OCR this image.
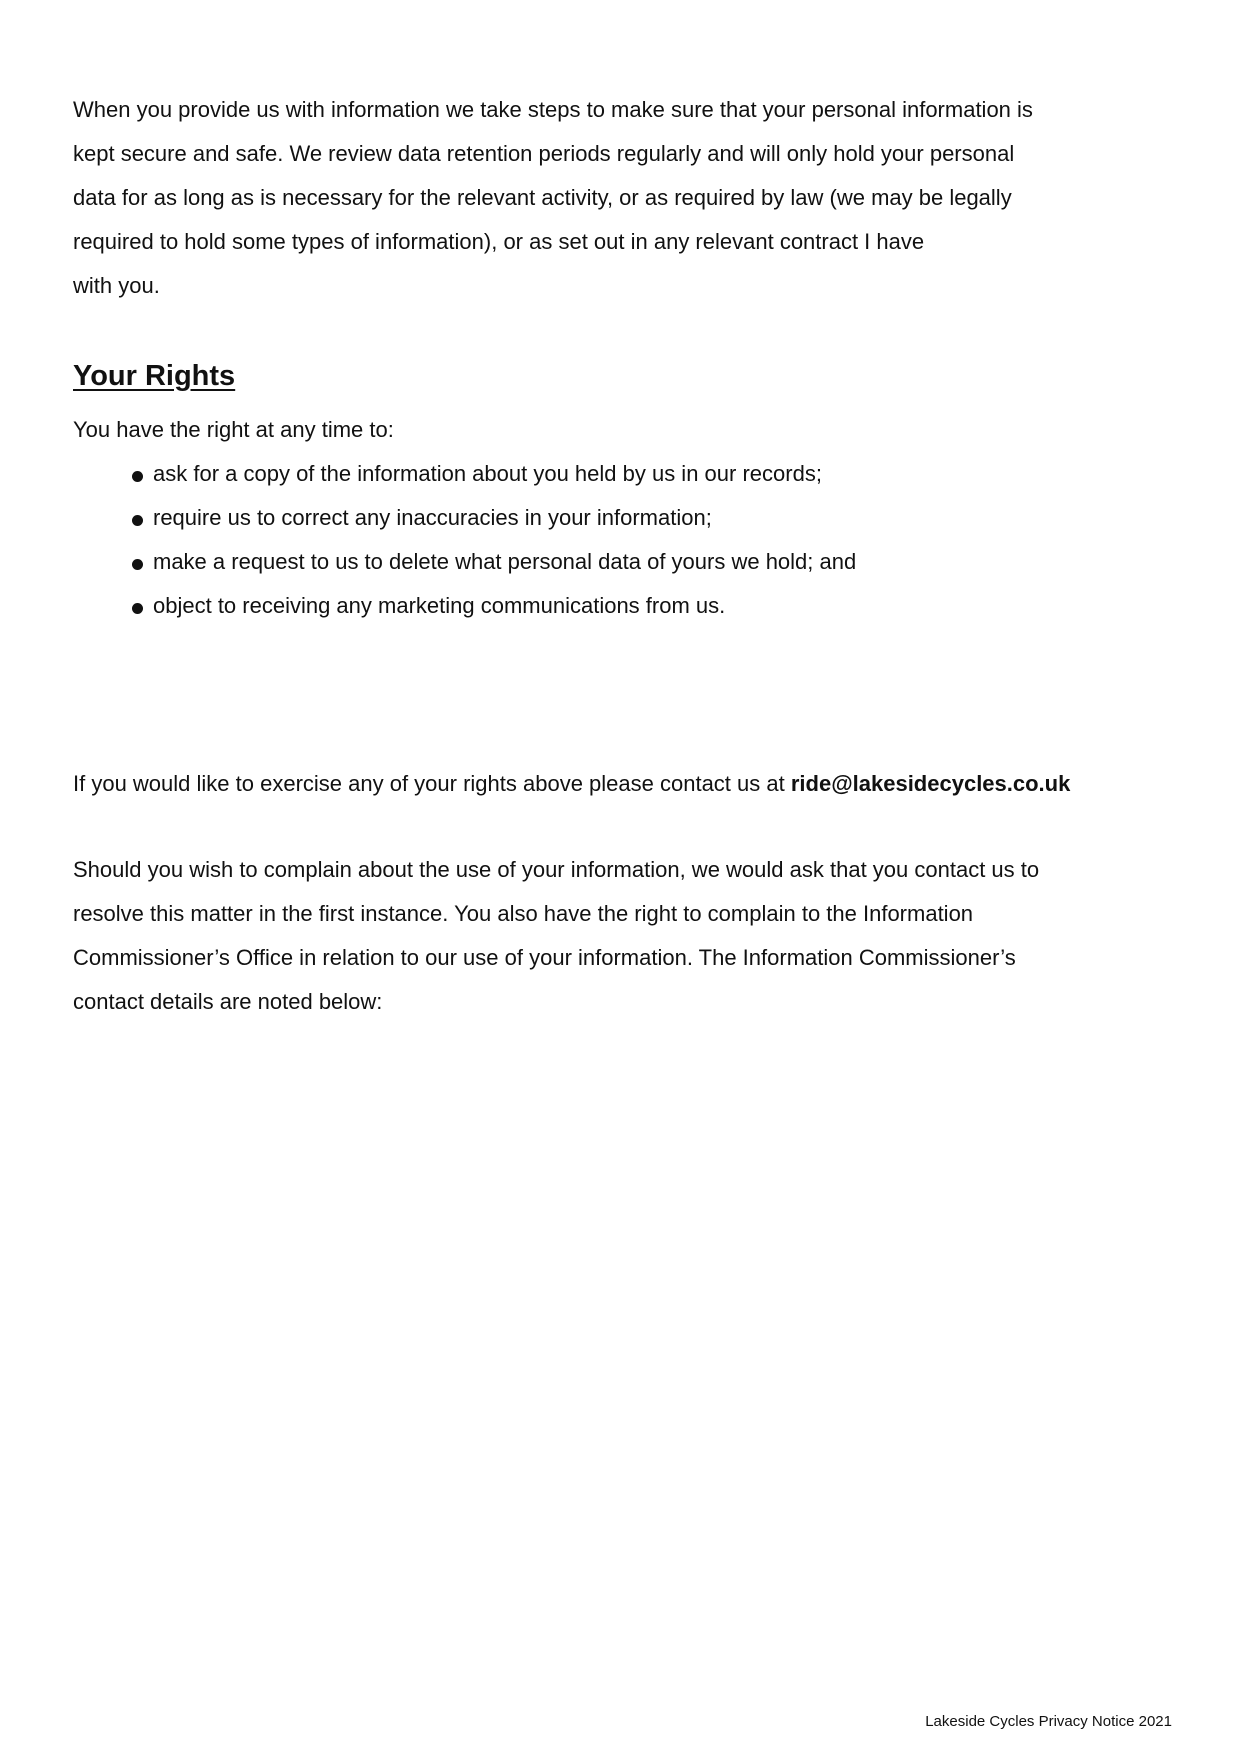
When you provide us with information we take steps to make sure that your personal information is
kept secure and safe. We review data retention periods regularly and will only hold your personal
data for as long as is necessary for the relevant activity, or as required by law (we may be legally
required to hold some types of information), or as set out in any relevant contract I have
with you.

Your Rights

You have the right at any time to:

ask for a copy of the information about you held by us in our records;
require us to correct any inaccuracies in your information;
make a request to us to delete what personal data of yours we hold; and
object to receiving any marketing communications from us.

If you would like to exercise any of your rights above please contact us at ride@lakesidecycles.co.uk

Should you wish to complain about the use of your information, we would ask that you contact us to
resolve this matter in the first instance. You also have the right to complain to the Information
Commissioner’s Office in relation to our use of your information. The Information Commissioner’s
contact details are noted below:

Lakeside Cycles Privacy Notice 2021
